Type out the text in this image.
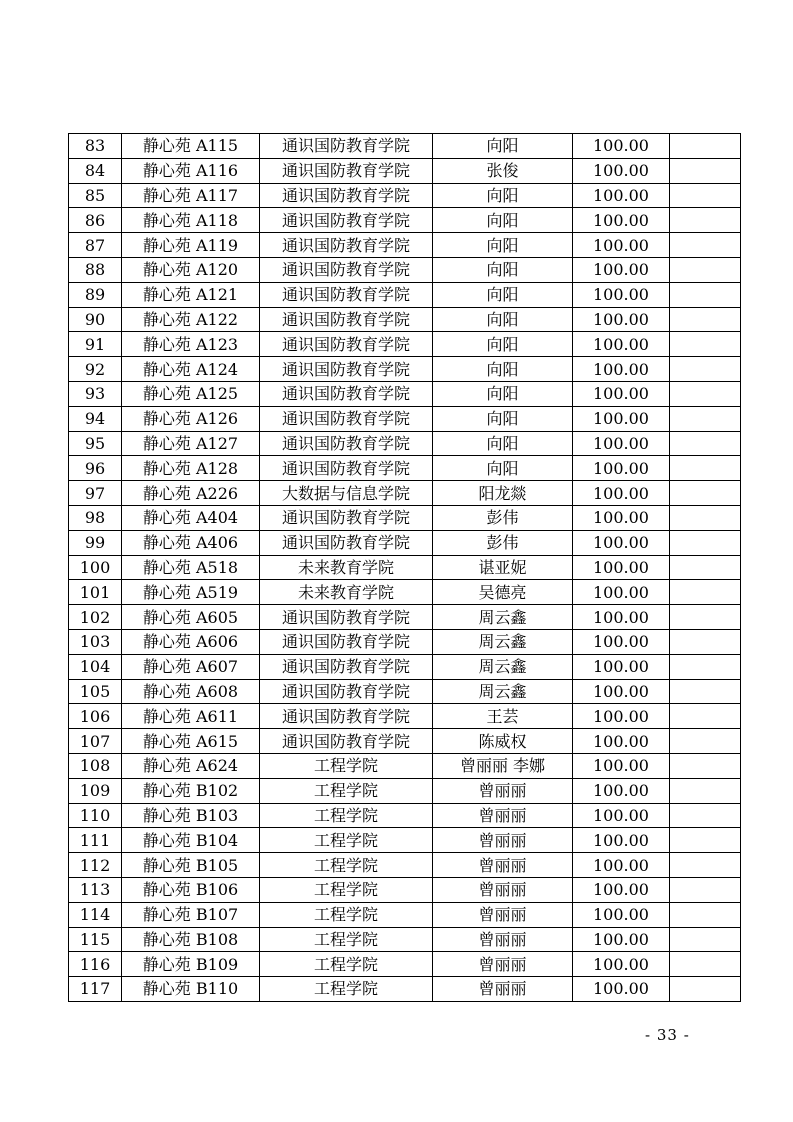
83	静心苑 A115	通识国防教育学院	向阳	100.00	
84	静心苑 A116	通识国防教育学院	张俊	100.00	
85	静心苑 A117	通识国防教育学院	向阳	100.00	
86	静心苑 A118	通识国防教育学院	向阳	100.00	
87	静心苑 A119	通识国防教育学院	向阳	100.00	
88	静心苑 A120	通识国防教育学院	向阳	100.00	
89	静心苑 A121	通识国防教育学院	向阳	100.00	
90	静心苑 A122	通识国防教育学院	向阳	100.00	
91	静心苑 A123	通识国防教育学院	向阳	100.00	
92	静心苑 A124	通识国防教育学院	向阳	100.00	
93	静心苑 A125	通识国防教育学院	向阳	100.00	
94	静心苑 A126	通识国防教育学院	向阳	100.00	
95	静心苑 A127	通识国防教育学院	向阳	100.00	
96	静心苑 A128	通识国防教育学院	向阳	100.00	
97	静心苑 A226	大数据与信息学院	阳龙燚	100.00	
98	静心苑 A404	通识国防教育学院	彭伟	100.00	
99	静心苑 A406	通识国防教育学院	彭伟	100.00	
100	静心苑 A518	未来教育学院	谌亚妮	100.00	
101	静心苑 A519	未来教育学院	吴德亮	100.00	
102	静心苑 A605	通识国防教育学院	周云鑫	100.00	
103	静心苑 A606	通识国防教育学院	周云鑫	100.00	
104	静心苑 A607	通识国防教育学院	周云鑫	100.00	
105	静心苑 A608	通识国防教育学院	周云鑫	100.00	
106	静心苑 A611	通识国防教育学院	王芸	100.00	
107	静心苑 A615	通识国防教育学院	陈威权	100.00	
108	静心苑 A624	工程学院	曾丽丽 李娜	100.00	
109	静心苑 B102	工程学院	曾丽丽	100.00	
110	静心苑 B103	工程学院	曾丽丽	100.00	
111	静心苑 B104	工程学院	曾丽丽	100.00	
112	静心苑 B105	工程学院	曾丽丽	100.00	
113	静心苑 B106	工程学院	曾丽丽	100.00	
114	静心苑 B107	工程学院	曾丽丽	100.00	
115	静心苑 B108	工程学院	曾丽丽	100.00	
116	静心苑 B109	工程学院	曾丽丽	100.00	
117	静心苑 B110	工程学院	曾丽丽	100.00	
- 33 -
